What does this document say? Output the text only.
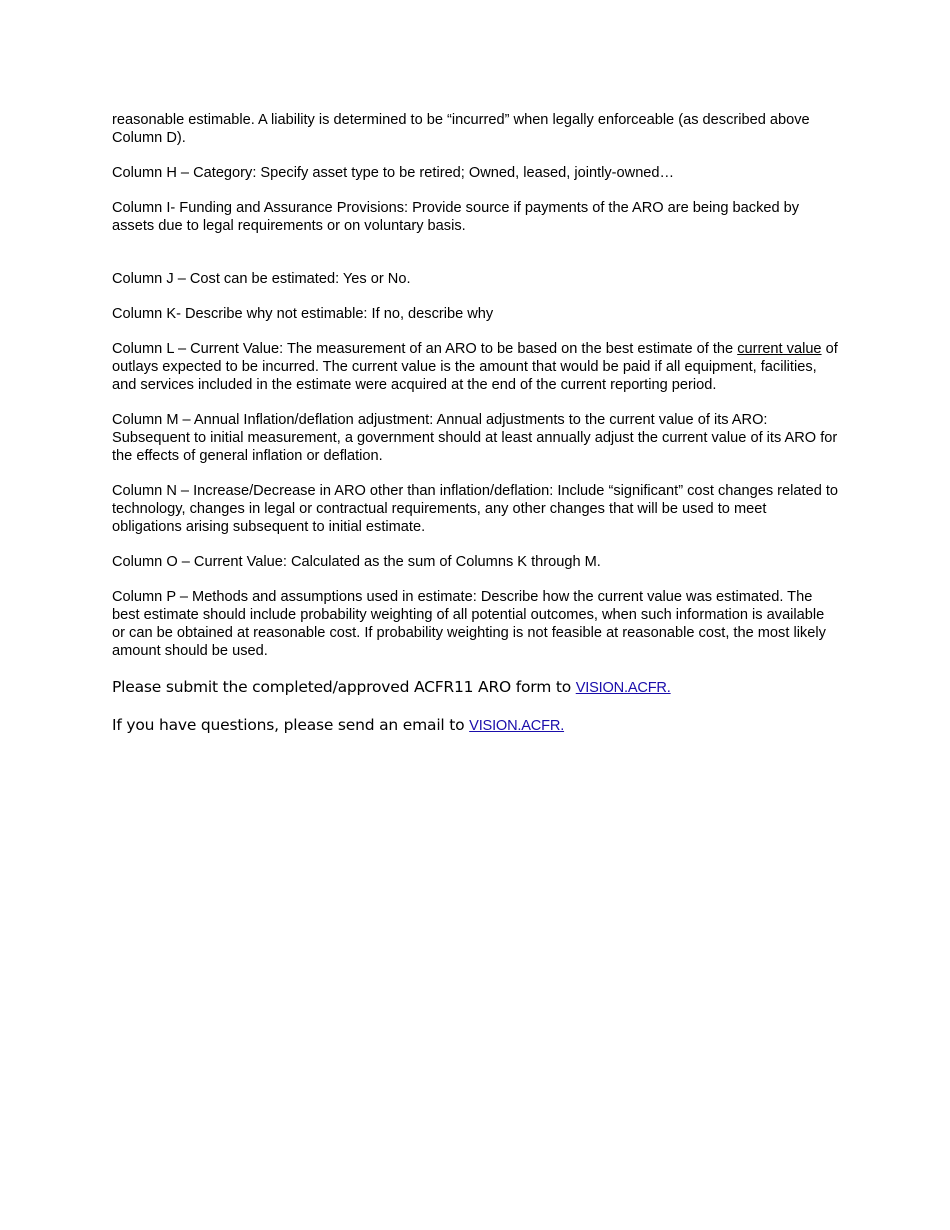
reasonable estimable. A liability is determined to be “incurred” when legally enforceable (as described above Column D).

Column H – Category: Specify asset type to be retired; Owned, leased, jointly-owned…

Column I- Funding and Assurance Provisions: Provide source if payments of the ARO are being backed by assets due to legal requirements or on voluntary basis.

Column J – Cost can be estimated: Yes or No.

Column K- Describe why not estimable: If no, describe why

Column L – Current Value: The measurement of an ARO to be based on the best estimate of the current value of outlays expected to be incurred. The current value is the amount that would be paid if all equipment, facilities, and services included in the estimate were acquired at the end of the current reporting period.

Column M – Annual Inflation/deflation adjustment: Annual adjustments to the current value of its ARO: Subsequent to initial measurement, a government should at least annually adjust the current value of its ARO for the effects of general inflation or deflation.

Column N – Increase/Decrease in ARO other than inflation/deflation: Include “significant” cost changes related to technology, changes in legal or contractual requirements, any other changes that will be used to meet obligations arising subsequent to initial estimate.

Column O – Current Value: Calculated as the sum of Columns K through M.

Column P – Methods and assumptions used in estimate: Describe how the current value was estimated. The best estimate should include probability weighting of all potential outcomes, when such information is available or can be obtained at reasonable cost. If probability weighting is not feasible at reasonable cost, the most likely amount should be used.

Please submit the completed/approved ACFR11 ARO form to VISION.ACFR.

If you have questions, please send an email to VISION.ACFR.
